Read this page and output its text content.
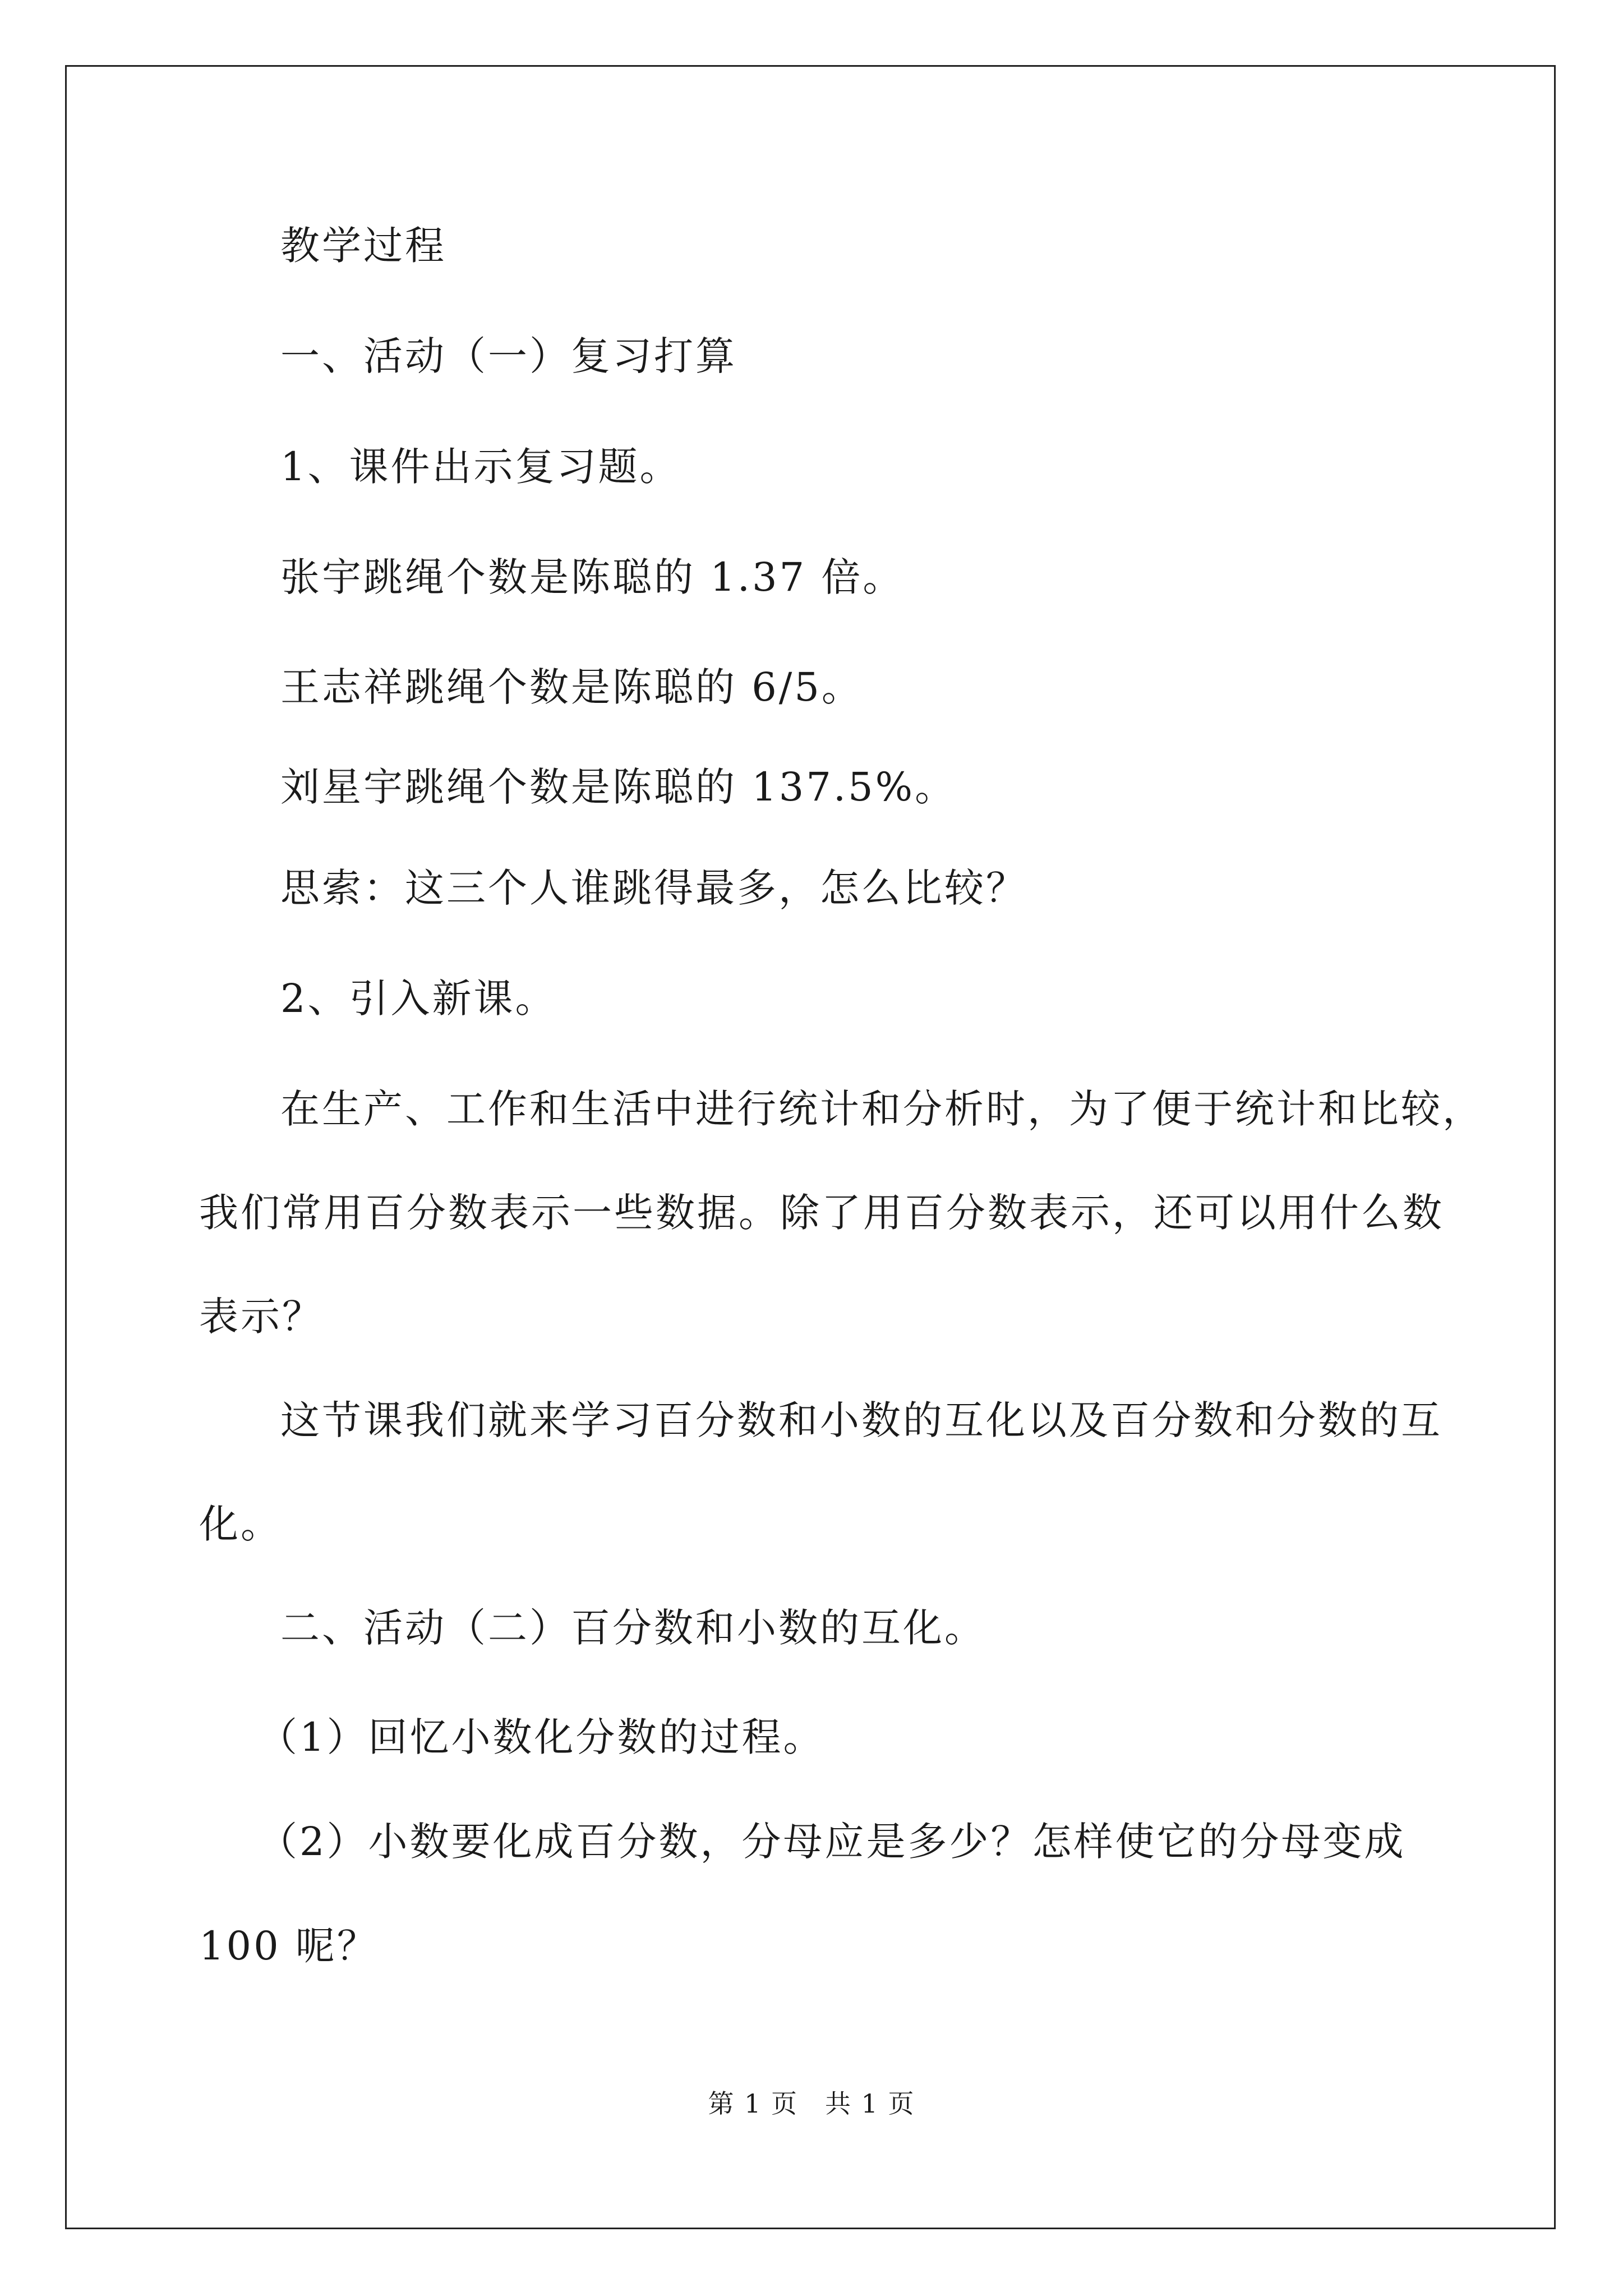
教学过程
一、活动（一）复习打算
1、课件出示复习题。
张宇跳绳个数是陈聪的 1.37 倍。
王志祥跳绳个数是陈聪的 6/5。
刘星宇跳绳个数是陈聪的 137.5%。
思索：这三个人谁跳得最多，怎么比较？
2、引入新课。
在生产、工作和生活中进行统计和分析时，为了便于统计和比较，
我们常用百分数表示一些数据。除了用百分数表示，还可以用什么数
表示？
这节课我们就来学习百分数和小数的互化以及百分数和分数的互
化。
二、活动（二）百分数和小数的互化。
（1）回忆小数化分数的过程。
（2）小数要化成百分数，分母应是多少？怎样使它的分母变成
100 呢？
第 1 页　共 1 页
